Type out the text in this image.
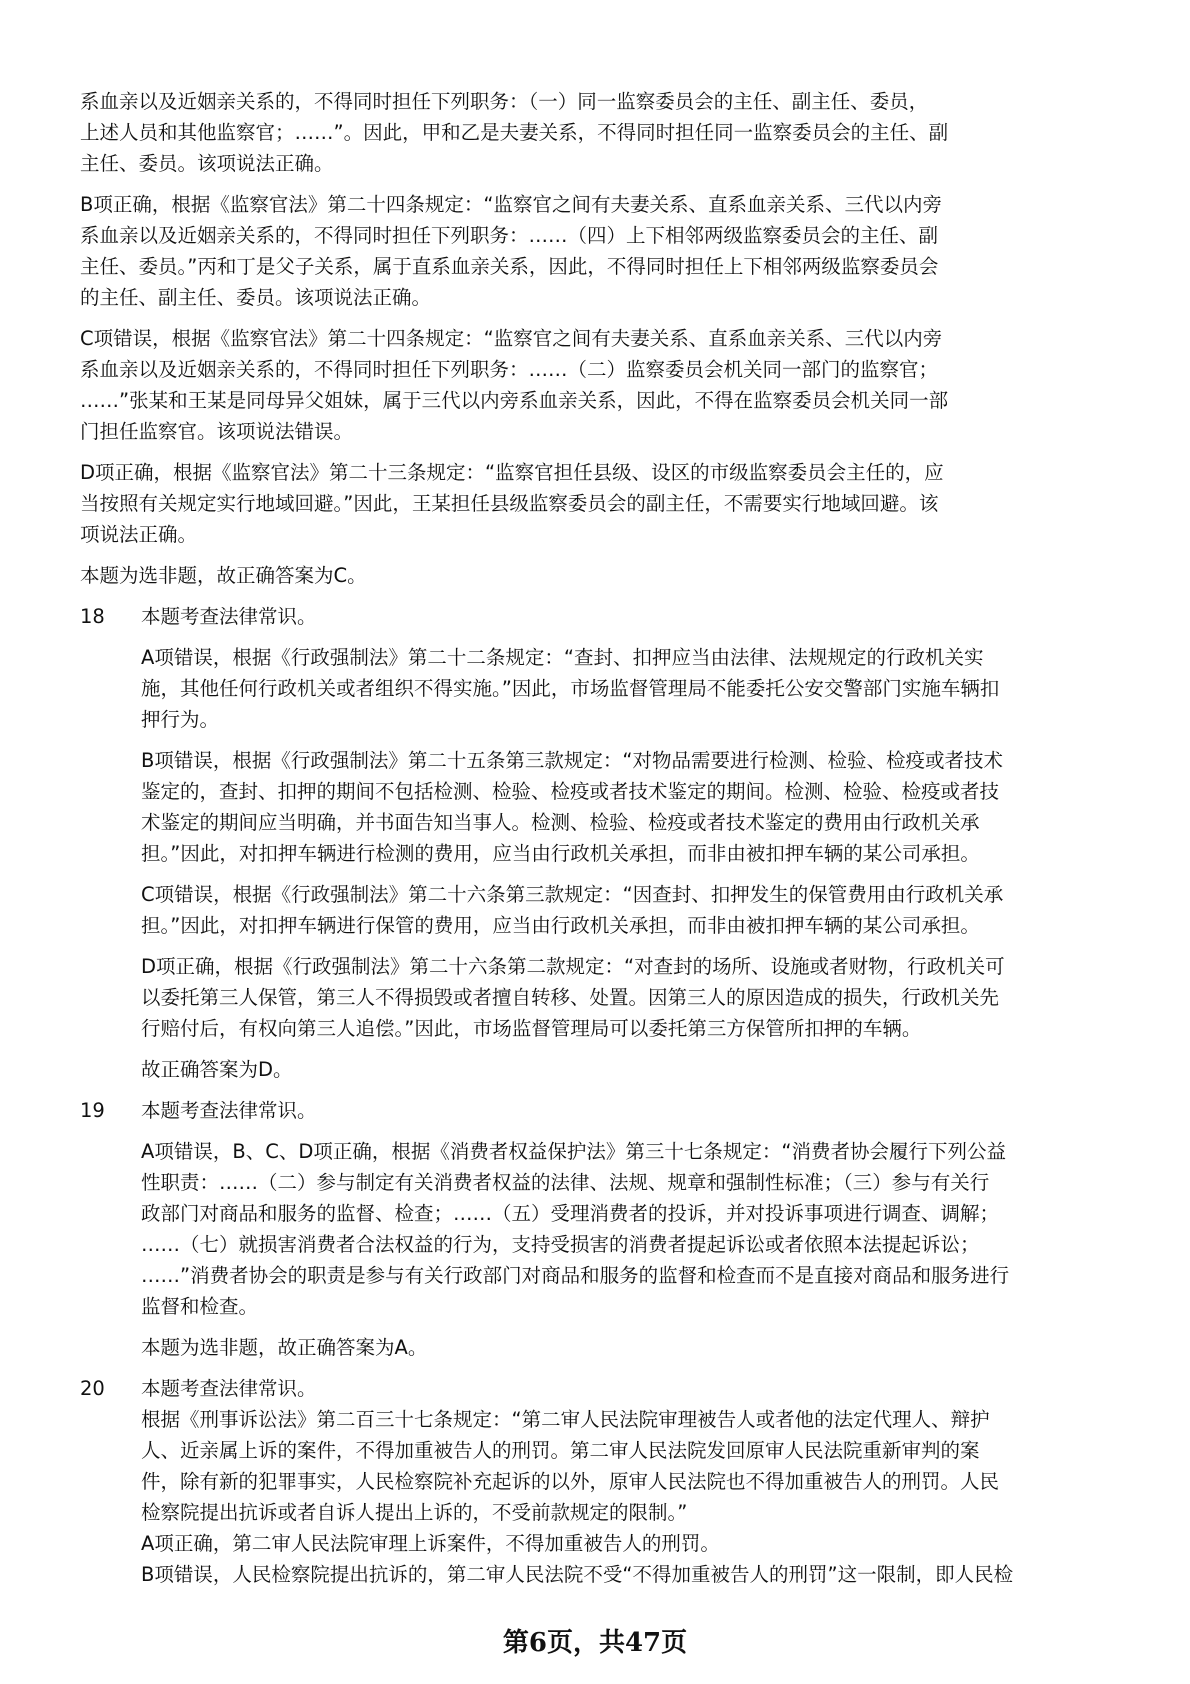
系血亲以及近姻亲关系的，不得同时担任下列职务：（一）同一监察委员会的主任、副主任、委员，
上述人员和其他监察官；……”。因此，甲和乙是夫妻关系，不得同时担任同一监察委员会的主任、副
主任、委员。该项说法正确。
B项正确，根据《监察官法》第二十四条规定：“监察官之间有夫妻关系、直系血亲关系、三代以内旁
系血亲以及近姻亲关系的，不得同时担任下列职务：……（四）上下相邻两级监察委员会的主任、副
主任、委员。”丙和丁是父子关系，属于直系血亲关系，因此，不得同时担任上下相邻两级监察委员会
的主任、副主任、委员。该项说法正确。
C项错误，根据《监察官法》第二十四条规定：“监察官之间有夫妻关系、直系血亲关系、三代以内旁
系血亲以及近姻亲关系的，不得同时担任下列职务：……（二）监察委员会机关同一部门的监察官；
……”张某和王某是同母异父姐妹，属于三代以内旁系血亲关系，因此，不得在监察委员会机关同一部
门担任监察官。该项说法错误。
D项正确，根据《监察官法》第二十三条规定：“监察官担任县级、设区的市级监察委员会主任的，应
当按照有关规定实行地域回避。”因此，王某担任县级监察委员会的副主任，不需要实行地域回避。该
项说法正确。
本题为选非题，故正确答案为C。
18	本题考查法律常识。
A项错误，根据《行政强制法》第二十二条规定：“查封、扣押应当由法律、法规规定的行政机关实
施，其他任何行政机关或者组织不得实施。”因此，市场监督管理局不能委托公安交警部门实施车辆扣
押行为。
B项错误，根据《行政强制法》第二十五条第三款规定：“对物品需要进行检测、检验、检疫或者技术
鉴定的，查封、扣押的期间不包括检测、检验、检疫或者技术鉴定的期间。检测、检验、检疫或者技
术鉴定的期间应当明确，并书面告知当事人。检测、检验、检疫或者技术鉴定的费用由行政机关承
担。”因此，对扣押车辆进行检测的费用，应当由行政机关承担，而非由被扣押车辆的某公司承担。
C项错误，根据《行政强制法》第二十六条第三款规定：“因查封、扣押发生的保管费用由行政机关承
担。”因此，对扣押车辆进行保管的费用，应当由行政机关承担，而非由被扣押车辆的某公司承担。
D项正确，根据《行政强制法》第二十六条第二款规定：“对查封的场所、设施或者财物，行政机关可
以委托第三人保管，第三人不得损毁或者擅自转移、处置。因第三人的原因造成的损失，行政机关先
行赔付后，有权向第三人追偿。”因此，市场监督管理局可以委托第三方保管所扣押的车辆。
故正确答案为D。
19	本题考查法律常识。
A项错误，B、C、D项正确，根据《消费者权益保护法》第三十七条规定：“消费者协会履行下列公益
性职责：……（二）参与制定有关消费者权益的法律、法规、规章和强制性标准；（三）参与有关行
政部门对商品和服务的监督、检查；……（五）受理消费者的投诉，并对投诉事项进行调查、调解；
……（七）就损害消费者合法权益的行为，支持受损害的消费者提起诉讼或者依照本法提起诉讼；
……”消费者协会的职责是参与有关行政部门对商品和服务的监督和检查而不是直接对商品和服务进行
监督和检查。
本题为选非题，故正确答案为A。
20	本题考查法律常识。
根据《刑事诉讼法》第二百三十七条规定：“第二审人民法院审理被告人或者他的法定代理人、辩护
人、近亲属上诉的案件，不得加重被告人的刑罚。第二审人民法院发回原审人民法院重新审判的案
件，除有新的犯罪事实，人民检察院补充起诉的以外，原审人民法院也不得加重被告人的刑罚。人民
检察院提出抗诉或者自诉人提出上诉的，不受前款规定的限制。”
A项正确，第二审人民法院审理上诉案件，不得加重被告人的刑罚。
B项错误，人民检察院提出抗诉的，第二审人民法院不受“不得加重被告人的刑罚”这一限制，即人民检
第6页，共47页
